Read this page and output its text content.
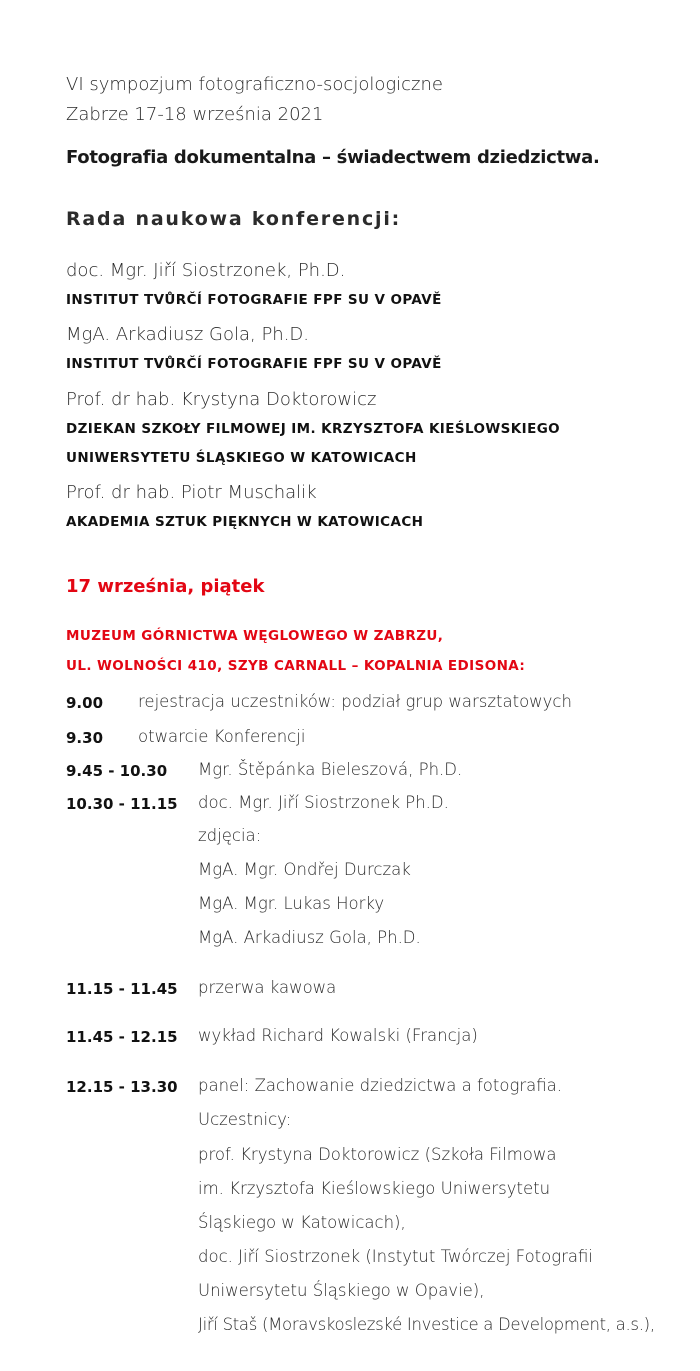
VI sympozjum fotograficzno-socjologiczne
Zabrze 17-18 września 2021
Fotografia dokumentalna – świadectwem dziedzictwa.
Rada naukowa konferencji:
doc. Mgr. Jiří Siostrzonek, Ph.D.
INSTITUT TVŮRČÍ FOTOGRAFIE FPF SU V OPAVĚ
MgA. Arkadiusz Gola, Ph.D.
INSTITUT TVŮRČÍ FOTOGRAFIE FPF SU V OPAVĚ
Prof. dr hab. Krystyna Doktorowicz
DZIEKAN SZKOŁY FILMOWEJ IM. KRZYSZTOFA KIEŚLOWSKIEGO
UNIWERSYTETU ŚLĄSKIEGO W KATOWICACH
Prof. dr hab. Piotr Muschalik
AKADEMIA SZTUK PIĘKNYCH W KATOWICACH
17 września, piątek
MUZEUM GÓRNICTWA WĘGLOWEGO W ZABRZU,
UL. WOLNOŚCI 410, SZYB CARNALL – KOPALNIA EDISONA:
9.00 rejestracja uczestników: podział grup warsztatowych
9.30 otwarcie Konferencji
9.45 - 10.30 Mgr. Štěpánka Bieleszová, Ph.D.
10.30 - 11.15 doc. Mgr. Jiří Siostrzonek Ph.D.
zdjęcia:
MgA. Mgr. Ondřej Durczak
MgA. Mgr. Lukas Horky
MgA. Arkadiusz Gola, Ph.D.
11.15 - 11.45 przerwa kawowa
11.45 - 12.15 wykład Richard Kowalski (Francja)
12.15 - 13.30 panel: Zachowanie dziedzictwa a fotografia.
Uczestnicy:
prof. Krystyna Doktorowicz (Szkoła Filmowa
im. Krzysztofa Kieślowskiego Uniwersytetu
Śląskiego w Katowicach),
doc. Jiří Siostrzonek (Instytut Twórczej Fotografii
Uniwersytetu Śląskiego w Opavie),
Jiří Staš (Moravskoslezské Investice a Development, a.s.),
